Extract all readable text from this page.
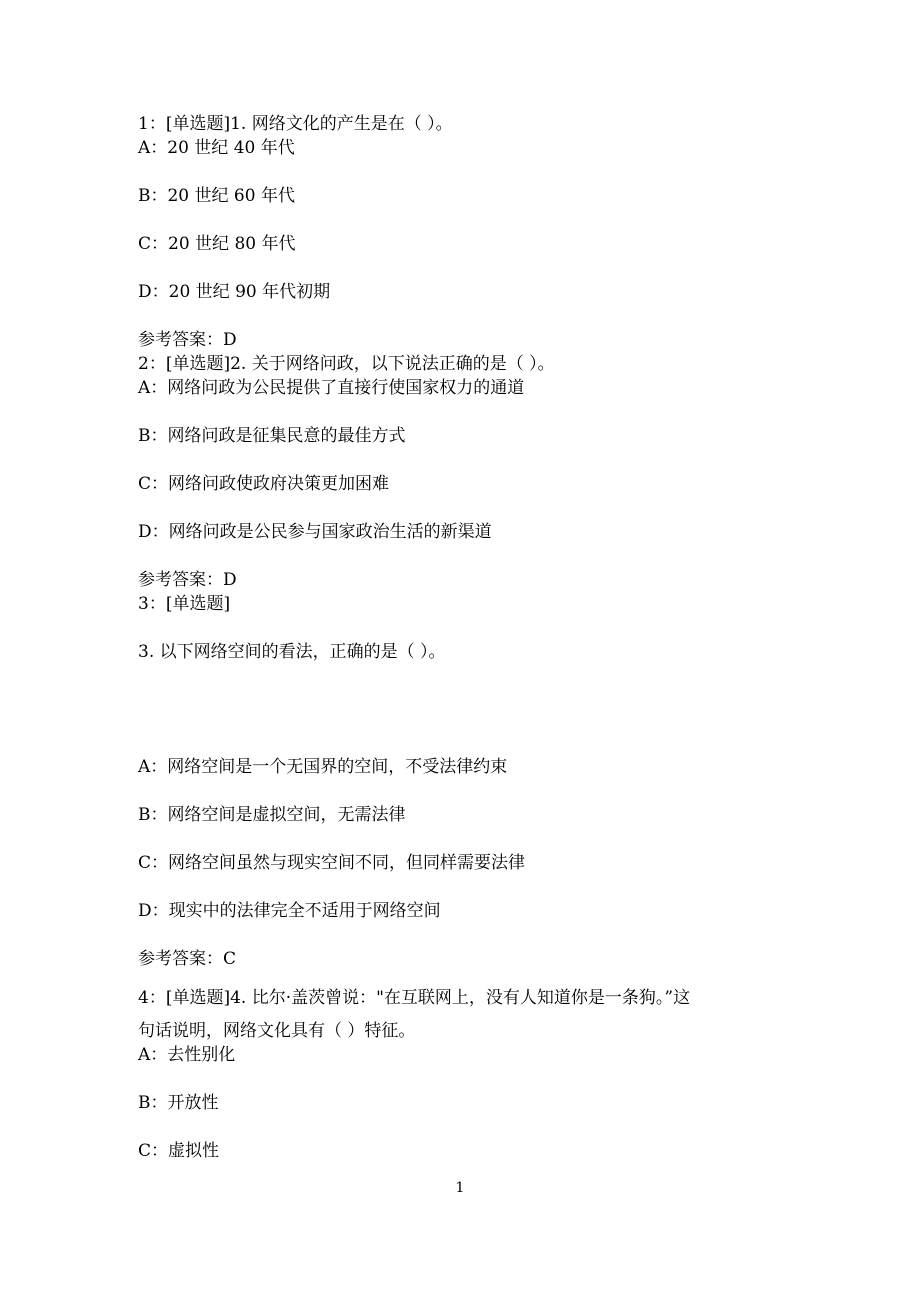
1：[单选题]1. 网络文化的产生是在（ ）。
A：20 世纪 40 年代
B：20 世纪 60 年代
C：20 世纪 80 年代
D：20 世纪 90 年代初期
参考答案：D
2：[单选题]2. 关于网络问政，以下说法正确的是（ ）。
A：网络问政为公民提供了直接行使国家权力的通道
B：网络问政是征集民意的最佳方式
C：网络问政使政府决策更加困难
D：网络问政是公民参与国家政治生活的新渠道
参考答案：D
3：[单选题]
3. 以下网络空间的看法，正确的是（ ）。
A：网络空间是一个无国界的空间，不受法律约束
B：网络空间是虚拟空间，无需法律
C：网络空间虽然与现实空间不同，但同样需要法律
D：现实中的法律完全不适用于网络空间
参考答案：C
4：[单选题]4. 比尔·盖茨曾说："在互联网上，没有人知道你是一条狗。”这
句话说明，网络文化具有（ ）特征。
A：去性别化
B：开放性
C：虚拟性
1
